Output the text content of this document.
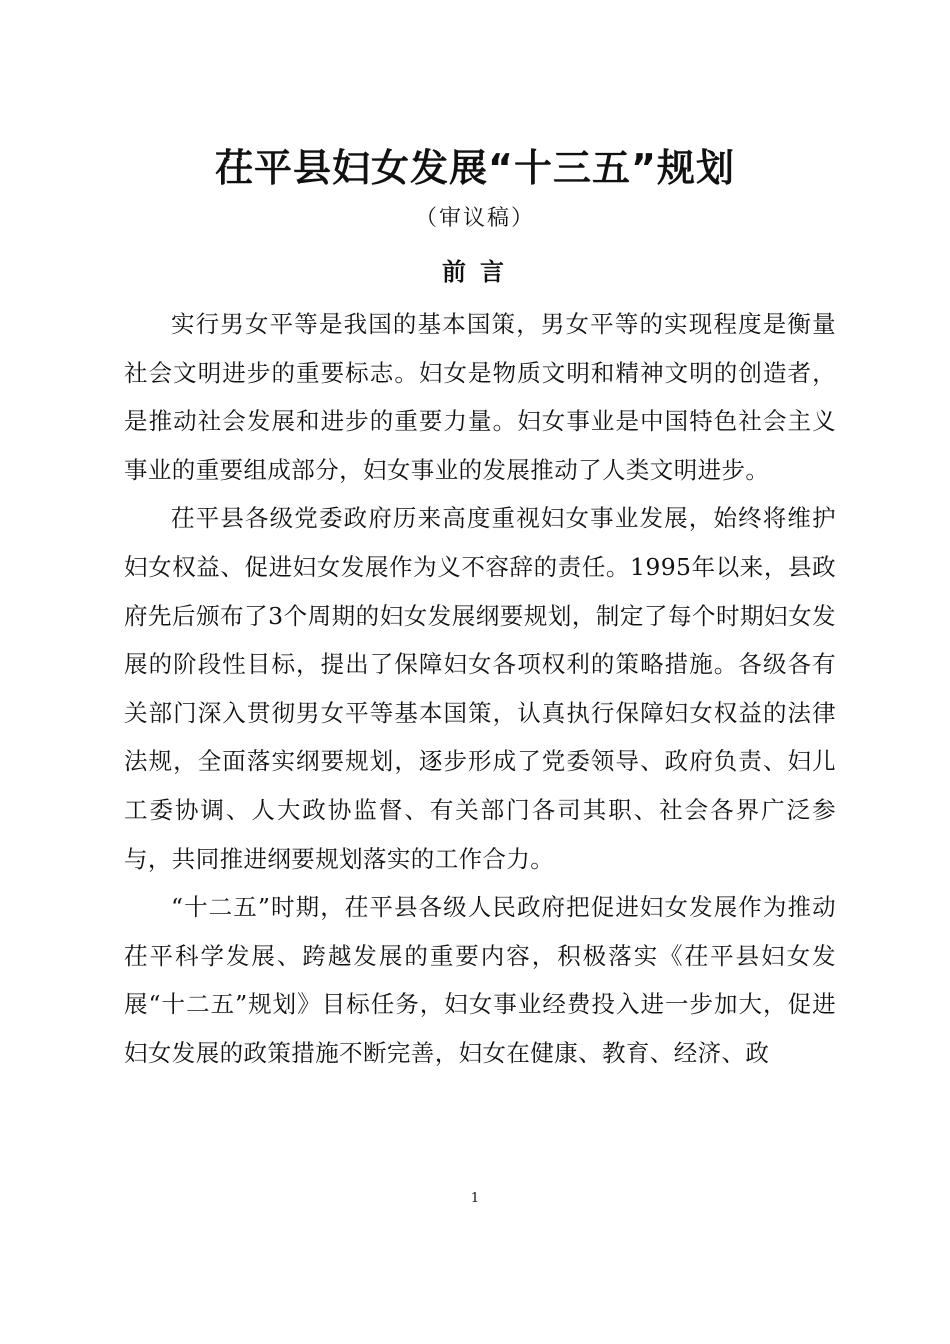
茌平县妇女发展“十三五”规划

（审议稿）

前言

实行男女平等是我国的基本国策，男女平等的实现程度是衡量社会文明进步的重要标志。妇女是物质文明和精神文明的创造者，是推动社会发展和进步的重要力量。妇女事业是中国特色社会主义事业的重要组成部分，妇女事业的发展推动了人类文明进步。

茌平县各级党委政府历来高度重视妇女事业发展，始终将维护妇女权益、促进妇女发展作为义不容辞的责任。1995年以来，县政府先后颁布了3个周期的妇女发展纲要规划，制定了每个时期妇女发展的阶段性目标，提出了保障妇女各项权利的策略措施。各级各有关部门深入贯彻男女平等基本国策，认真执行保障妇女权益的法律法规，全面落实纲要规划，逐步形成了党委领导、政府负责、妇儿工委协调、人大政协监督、有关部门各司其职、社会各界广泛参与，共同推进纲要规划落实的工作合力。

“十二五”时期，茌平县各级人民政府把促进妇女发展作为推动茌平科学发展、跨越发展的重要内容，积极落实《茌平县妇女发展“十二五”规划》目标任务，妇女事业经费投入进一步加大，促进妇女发展的政策措施不断完善，妇女在健康、教育、经济、政

1
